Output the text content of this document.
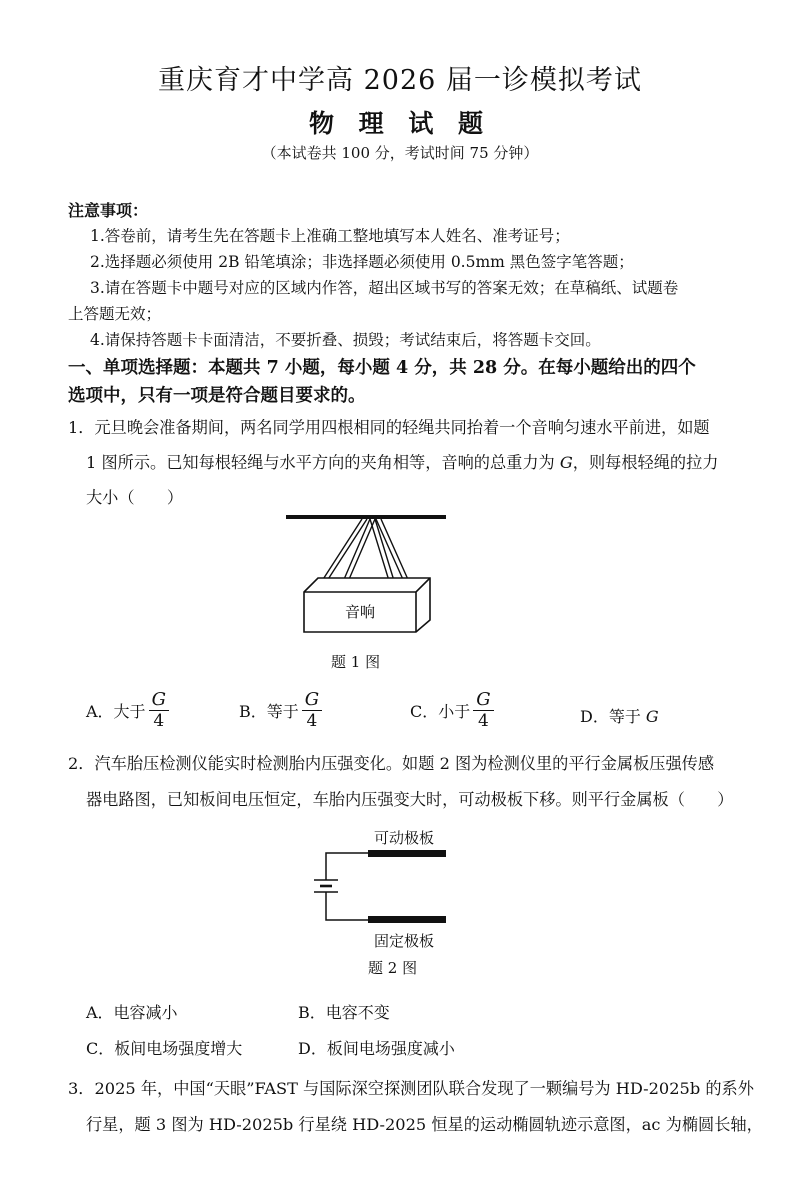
重庆育才中学高 2026 届一诊模拟考试
物 理 试 题
（本试卷共 100 分，考试时间 75 分钟）
注意事项：
1.答卷前，请考生先在答题卡上准确工整地填写本人姓名、准考证号；
2.选择题必须使用 2B 铅笔填涂；非选择题必须使用 0.5mm 黑色签字笔答题；
3.请在答题卡中题号对应的区域内作答，超出区域书写的答案无效；在草稿纸、试题卷
上答题无效；
4.请保持答题卡卡面清洁，不要折叠、损毁；考试结束后，将答题卡交回。
一、单项选择题：本题共 7 小题，每小题 4 分，共 28 分。在每小题给出的四个
选项中，只有一项是符合题目要求的。
1．元旦晚会准备期间，两名同学用四根相同的轻绳共同抬着一个音响匀速水平前进，如题
1 图所示。已知每根轻绳与水平方向的夹角相等，音响的总重力为 G，则每根轻绳的拉力
大小（　　）
音响
题 1 图
A．大于 $\frac{G}{4}$	B．等于 $\frac{G}{4}$	C．小于 $\frac{G}{4}$	D．等于 G
2．汽车胎压检测仪能实时检测胎内压强变化。如题 2 图为检测仪里的平行金属板压强传感
器电路图，已知板间电压恒定，车胎内压强变大时，可动极板下移。则平行金属板（　　）
可动极板
固定极板
题 2 图
A．电容减小	B．电容不变
C．板间电场强度增大	D．板间电场强度减小
3．2025 年，中国“天眼”FAST 与国际深空探测团队联合发现了一颗编号为 HD-2025b 的系外
行星，题 3 图为 HD-2025b 行星绕 HD-2025 恒星的运动椭圆轨迹示意图，ac 为椭圆长轴，
